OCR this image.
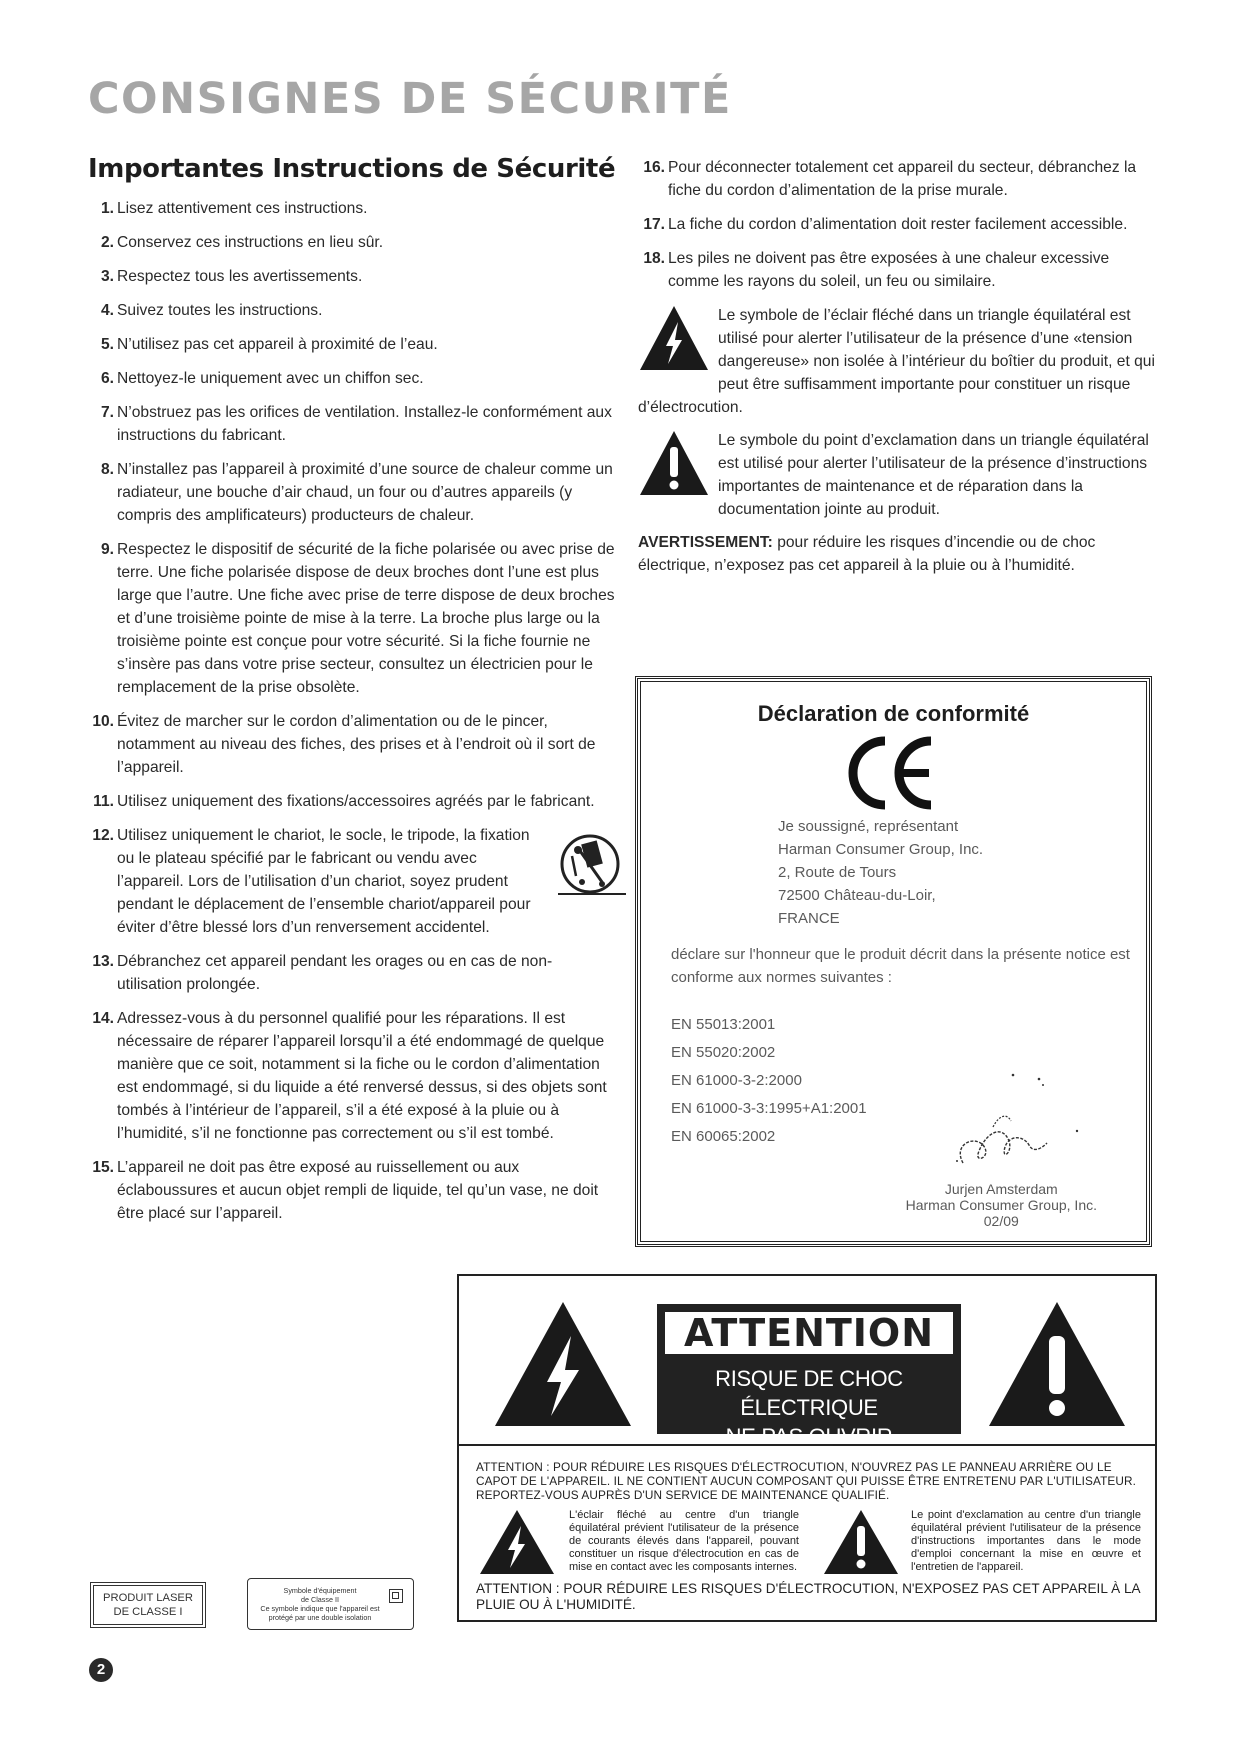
CONSIGNES DE SÉCURITÉ
Importantes Instructions de Sécurité
1. Lisez attentivement ces instructions.
2. Conservez ces instructions en lieu sûr.
3. Respectez tous les avertissements.
4. Suivez toutes les instructions.
5. N’utilisez pas cet appareil à proximité de l’eau.
6. Nettoyez-le uniquement avec un chiffon sec.
7. N’obstruez pas les orifices de ventilation. Installez-le conformément aux instructions du fabricant.
8. N’installez pas l’appareil à proximité d’une source de chaleur comme un radiateur, une bouche d’air chaud, un four ou d’autres appareils (y compris des amplificateurs) producteurs de chaleur.
9. Respectez le dispositif de sécurité de la fiche polarisée ou avec prise de terre. Une fiche polarisée dispose de deux broches dont l’une est plus large que l’autre. Une fiche avec prise de terre dispose de deux broches et d’une troisième pointe de mise à la terre. La broche plus large ou la troisième pointe est conçue pour votre sécurité. Si la fiche fournie ne s’insère pas dans votre prise secteur, consultez un électricien pour le remplacement de la prise obsolète.
10. Évitez de marcher sur le cordon d’alimentation ou de le pincer, notamment au niveau des fiches, des prises et à l’endroit où il sort de l’appareil.
11. Utilisez uniquement des fixations/accessoires agréés par le fabricant.
12. Utilisez uniquement le chariot, le socle, le tripode, la fixation ou le plateau spécifié par le fabricant ou vendu avec l’appareil. Lors de l’utilisation d’un chariot, soyez prudent pendant le déplacement de l’ensemble chariot/appareil pour éviter d’être blessé lors d’un renversement accidentel.
13. Débranchez cet appareil pendant les orages ou en cas de non-utilisation prolongée.
14. Adressez-vous à du personnel qualifié pour les réparations. Il est nécessaire de réparer l’appareil lorsqu’il a été endommagé de quelque manière que ce soit, notamment si la fiche ou le cordon d’alimentation est endommagé, si du liquide a été renversé dessus, si des objets sont tombés à l’intérieur de l’appareil, s’il a été exposé à la pluie ou à l’humidité, s’il ne fonctionne pas correctement ou s’il est tombé.
15. L’appareil ne doit pas être exposé au ruissellement ou aux éclaboussures et aucun objet rempli de liquide, tel qu’un vase, ne doit être placé sur l’appareil.
16. Pour déconnecter totalement cet appareil du secteur, débranchez la fiche du cordon d’alimentation de la prise murale.
17. La fiche du cordon d’alimentation doit rester facilement accessible.
18. Les piles ne doivent pas être exposées à une chaleur excessive comme les rayons du soleil, un feu ou similaire.
Le symbole de l’éclair fléché dans un triangle équilatéral est utilisé pour alerter l’utilisateur de la présence d’une «tension dangereuse» non isolée à l’intérieur du boîtier du produit, et qui peut être suffisamment importante pour constituer un risque d’électrocution.
Le symbole du point d’exclamation dans un triangle équilatéral est utilisé pour alerter l’utilisateur de la présence d’instructions importantes de maintenance et de réparation dans la documentation jointe au produit.
AVERTISSEMENT: pour réduire les risques d’incendie ou de choc électrique, n’exposez pas cet appareil à la pluie ou à l’humidité.
Déclaration de conformité
Je soussigné, représentant
Harman Consumer Group, Inc.
2, Route de Tours
72500 Château-du-Loir,
FRANCE
déclare sur l'honneur que le produit décrit dans la présente notice est conforme aux normes suivantes :
EN 55013:2001
EN 55020:2002
EN 61000-3-2:2000
EN 61000-3-3:1995+A1:2001
EN 60065:2002
Jurjen Amsterdam
Harman Consumer Group, Inc.
02/09
ATTENTION
RISQUE DE CHOC ÉLECTRIQUE
NE PAS OUVRIR
ATTENTION : POUR RÉDUIRE LES RISQUES D'ÉLECTROCUTION, N'OUVREZ PAS LE PANNEAU ARRIÈRE OU LE CAPOT DE L'APPAREIL. IL NE CONTIENT AUCUN COMPOSANT QUI PUISSE ÊTRE ENTRETENU PAR L'UTILISATEUR. REPORTEZ-VOUS AUPRÈS D'UN SERVICE DE MAINTENANCE QUALIFIÉ.
L'éclair fléché au centre d'un triangle équilatéral prévient l'utilisateur de la présence de courants élevés dans l'appareil, pouvant constituer un risque d'électrocution en cas de mise en contact avec les composants internes.
Le point d'exclamation au centre d'un triangle équilatéral prévient l'utilisateur de la présence d'instructions importantes dans le mode d'emploi concernant la mise en œuvre et l'entretien de l'appareil.
ATTENTION : POUR RÉDUIRE LES RISQUES D'ÉLECTROCUTION, N'EXPOSEZ PAS CET APPAREIL À LA PLUIE OU À L'HUMIDITÉ.
PRODUIT LASER
DE CLASSE I
Symbole d'équipement
de Classe II
Ce symbole indique que l'appareil est
protégé par une double isolation
2
